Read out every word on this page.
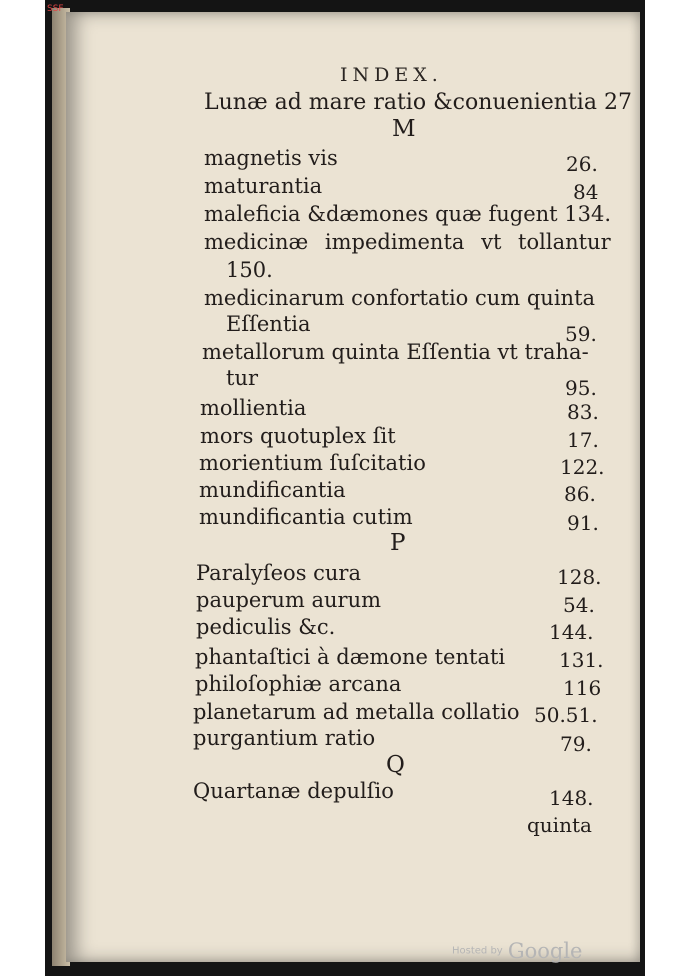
SSF
INDEX.
Lunæ ad mare ratio &conuenientia 27
M
magnetis vis	26.
maturantia	84
maleficia &dæmones quæ fugent 134.
medicinæ impedimenta vt tollantur
150.
medicinarum confortatio cum quinta
Eſſentia	59.
metallorum quinta Eſſentia vt traha-
tur	95.
mollientia	83.
mors quotuplex ſit	17.
morientium ſuſcitatio	122.
mundificantia	86.
mundificantia cutim	91.
P
Paralyſeos cura	128.
pauperum aurum	54.
pediculis &c.	144.
phantaſtici à dæmone tentati	131.
philoſophiæ arcana	116
planetarum ad metalla collatio 50.51.
purgantium ratio	79.
Q
Quartanæ depulſio	148.
quinta
Hosted by Google
